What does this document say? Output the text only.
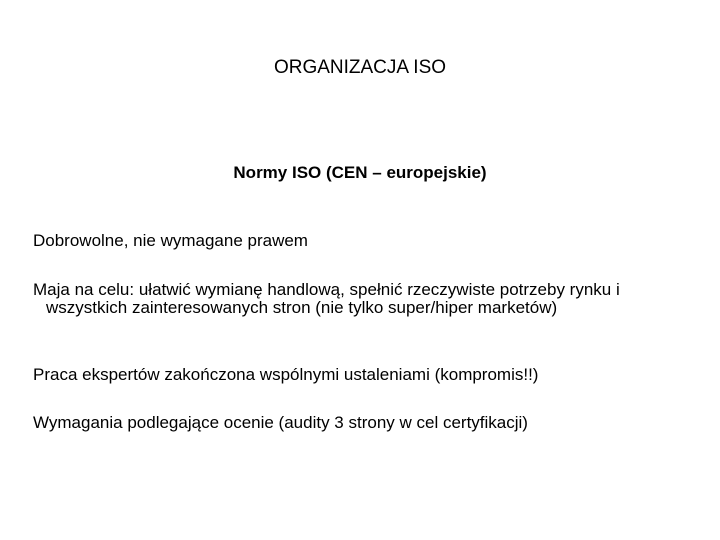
ORGANIZACJA ISO
Normy ISO (CEN – europejskie)
Dobrowolne, nie wymagane prawem
Maja na celu: ułatwić wymianę handlową, spełnić rzeczywiste potrzeby rynku i wszystkich zainteresowanych stron (nie tylko super/hiper marketów)
Praca ekspertów zakończona wspólnymi ustaleniami (kompromis!!)
Wymagania podlegające ocenie (audity 3 strony w cel certyfikacji)
